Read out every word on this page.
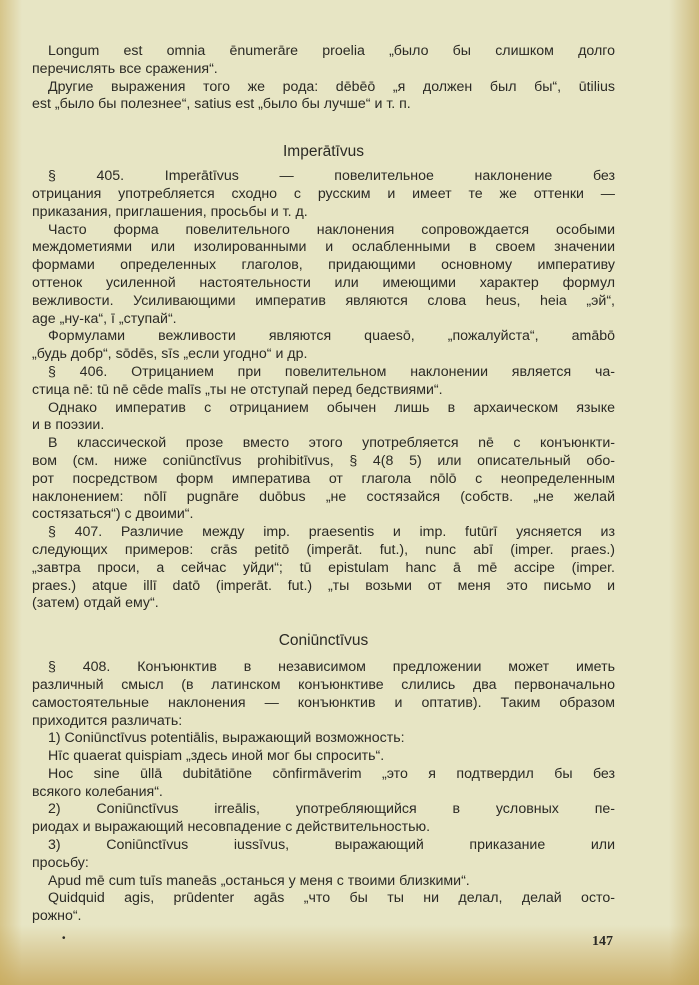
Longum est omnia ēnumerāre proelia „было бы слишком долго
перечислять все сражения“.
Другие выражения того же рода: dēbēō „я должен был бы“, ūtilius
est „было бы полезнее“, satius est „было бы лучше“ и т. п.
Imperātīvus
§ 405. Imperātīvus — повелительное наклонение без
отрицания употребляется сходно с русским и имеет те же оттенки —
приказания, приглашения, просьбы и т. д.
Часто форма повелительного наклонения сопровождается особыми
междометиями или изолированными и ослабленными в своем значении
формами определенных глаголов, придающими основному императиву
оттенок усиленной настоятельности или имеющими характер формул
вежливости. Усиливающими императив являются слова heus, heia „эй“,
age „ну-ка“, ī „ступай“.
Формулами вежливости являются quaesō, „пожалуйста“, amābō
„будь добр“, sōdēs, sīs „если угодно“ и др.
§ 406. Отрицанием при повелительном наклонении является ча-
стица nē: tū nē cēde malīs „ты не отступай перед бедствиями“.
Однако императив с отрицанием обычен лишь в архаическом языке
и в поэзии.
В классической прозе вместо этого употребляется nē с конъюнкти-
вом (см. ниже coniūnctīvus prohibitīvus, § 4(8 5) или описательный обо-
рот посредством форм императива от глагола nōlō с неопределенным
наклонением: nōlī pugnāre duōbus „не состязайся (собств. „не желай
состязаться“) с двоими“.
§ 407. Различие между imp. praesentis и imp. futūrī уясняется из
следующих примеров: crās petitō (imperāt. fut.), nunc abī (imper. praes.)
„завтра проси, а сейчас уйди“; tū epistulam hanc ā mē accipe (imper.
praes.) atque illī datō (imperāt. fut.) „ты возьми от меня это письмо и
(затем) отдай ему“.
Coniūnctīvus
§ 408. Конъюнктив в независимом предложении может иметь
различный смысл (в латинском конъюнктиве слились два первоначально
самостоятельные наклонения — конъюнктив и оптатив). Таким образом
приходится различать:
1) Coniūnctīvus potentiālis, выражающий возможность:
Hīc quaerat quispiam „здесь иной мог бы спросить“.
Hoc sine ūllā dubitātiōne cōnfirmāverim „это я подтвердил бы без
всякого колебания“.
2) Coniūnctīvus irreālis, употребляющийся в условных пе-
риодах и выражающий несовпадение с действительностью.
3) Coniūnctīvus iussīvus, выражающий приказание или
просьбу:
Apud mē cum tuīs maneās „останься у меня с твоими близкими“.
Quidquid agis, prūdenter agās „что бы ты ни делал, делай осто-
рожно“.
•	147
